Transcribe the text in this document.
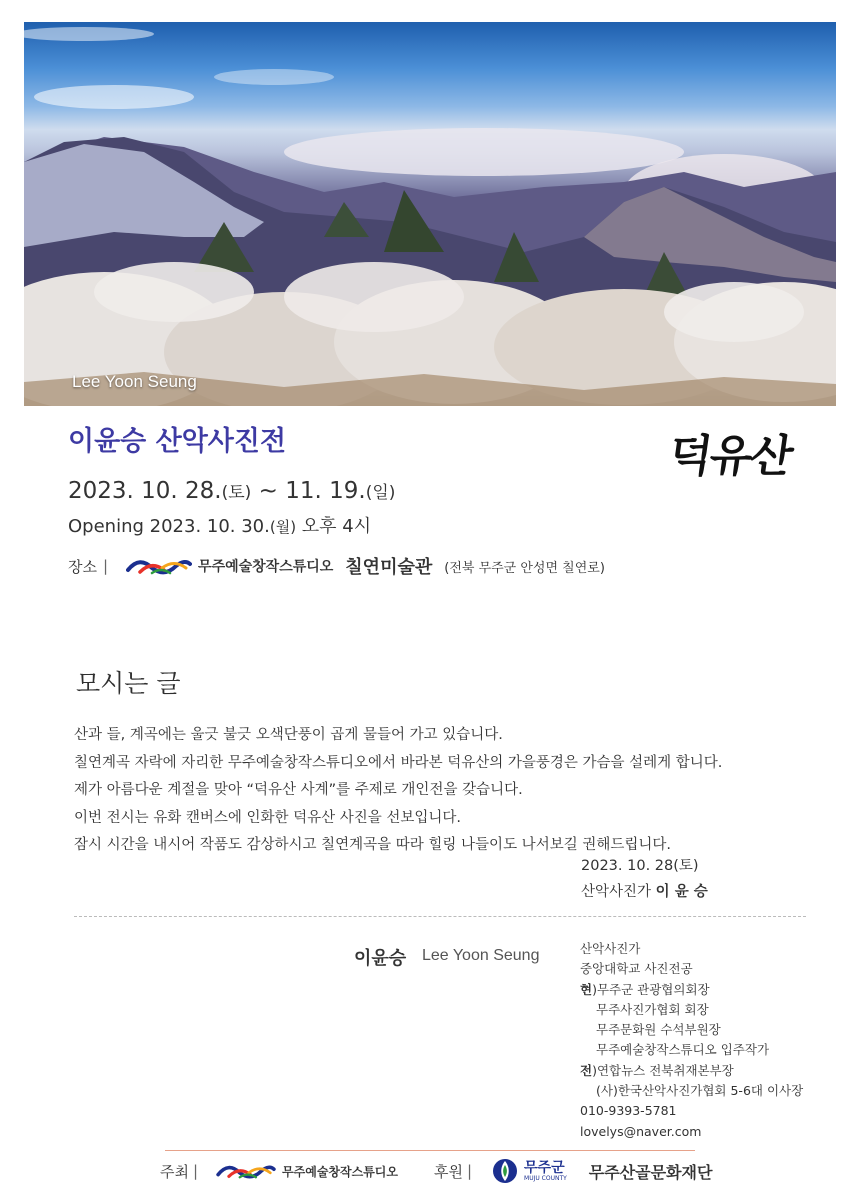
Lee Yoon Seung
이윤승 산악사진전	덕유산
2023. 10. 28.(토) ~ 11. 19.(일)
Opening 2023. 10. 30.(월) 오후 4시
장소 |	무주예술창작스튜디오 칠연미술관 (전북 무주군 안성면 칠연로)
모시는 글
산과 들, 계곡에는 울긋 불긋 오색단풍이 곱게 물들어 가고 있습니다.
칠연계곡 자락에 자리한 무주예술창작스튜디오에서 바라본 덕유산의 가을풍경은 가슴을 설레게 합니다.
제가 아름다운 계절을 맞아 “덕유산 사계”를 주제로 개인전을 갖습니다.
이번 전시는 유화 캔버스에 인화한 덕유산 사진을 선보입니다.
잠시 시간을 내시어 작품도 감상하시고 칠연계곡을 따라 힐링 나들이도 나서보길 권해드립니다.
2023. 10. 28(토)
산악사진가 이 윤 승
이윤승 Lee Yoon Seung	산악사진가
중앙대학교 사진전공
현)무주군 관광협의회장
무주사진가협회 회장
무주문화원 수석부원장
무주예술창작스튜디오 입주작가
전)연합뉴스 전북취재본부장
(사)한국산악사진가협회 5-6대 이사장
010-9393-5781
lovelys@naver.com
주최 |	무주예술창작스튜디오 후원 |	무주군
MUJU COUNTY 무주산골문화재단
